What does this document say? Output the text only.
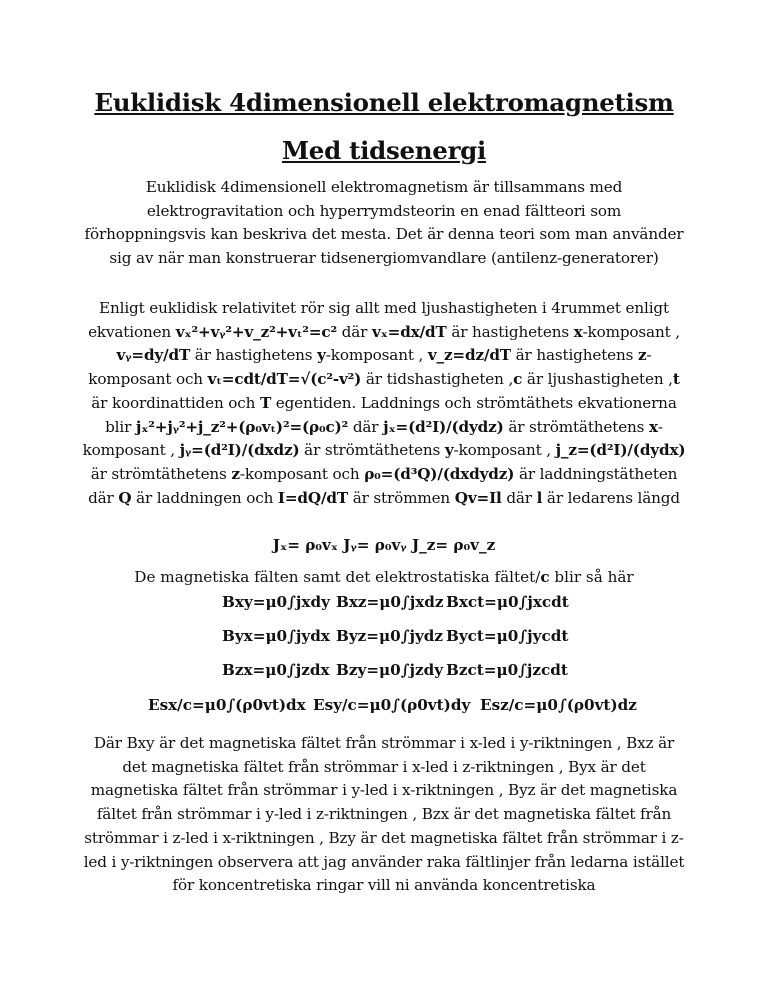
Euklidisk 4dimensionell elektromagnetism
Med tidsenergi

Euklidisk 4dimensionell elektromagnetism är tillsammans med elektrogravitation och hyperrymdsteorin en enad fältteori som förhoppningsvis kan beskriva det mesta. Det är denna teori som man använder sig av när man konstruerar tidsenergiomvandlare (antilenz-generatorer)

Enligt euklidisk relativitet rör sig allt med ljushastigheten i 4rummet enligt ekvationen vₓ²+vᵧ²+v_z²+vₜ²=c² där vₓ=dx/dT är hastighetens x-komposant , vᵧ=dy/dT är hastighetens y-komposant , v_z=dz/dT är hastighetens z-komposant och vₜ=cdt/dT=√(c²-v²) är tidshastigheten ,c är ljushastigheten ,t är koordinattiden och T egentiden. Laddnings och strömtäthets ekvationerna blir jₓ²+jᵧ²+j_z²+(ρ₀vₜ)²=(ρ₀c)² där jₓ=(d²I)/(dydz) är strömtäthetens x-komposant , jᵧ=(d²I)/(dxdz) är strömtäthetens y-komposant , j_z=(d²I)/(dydx) är strömtäthetens z-komposant och ρ₀=(d³Q)/(dxdydz) är laddningstätheten där Q är laddningen och I=dQ/dT är strömmen Qv=Il där l är ledarens längd

Jₓ= ρ₀vₓ Jᵧ= ρ₀vᵧ J_z= ρ₀v_z
De magnetiska fälten samt det elektrostatiska fältet/c blir så här
Bxy=μ0∫jxdy Bxz=μ0∫jxdz Bxct=μ0∫jxcdt
Byx=μ0∫jydx Byz=μ0∫jydz Byct=μ0∫jycdt
Bzx=μ0∫jzdx Bzy=μ0∫jzdy Bzct=μ0∫jzcdt
Esx/c=μ0∫(ρ0vt)dx Esy/c=μ0∫(ρ0vt)dy Esz/c=μ0∫(ρ0vt)dz

Där Bxy är det magnetiska fältet från strömmar i x-led i y-riktningen , Bxz är det magnetiska fältet från strömmar i x-led i z-riktningen , Byx är det magnetiska fältet från strömmar i y-led i x-riktningen , Byz är det magnetiska fältet från strömmar i y-led i z-riktningen , Bzx är det magnetiska fältet från strömmar i z-led i x-riktningen , Bzy är det magnetiska fältet från strömmar i z-led i y-riktningen observera att jag använder raka fältlinjer från ledarna istället för koncentretiska ringar vill ni använda koncentretiska
